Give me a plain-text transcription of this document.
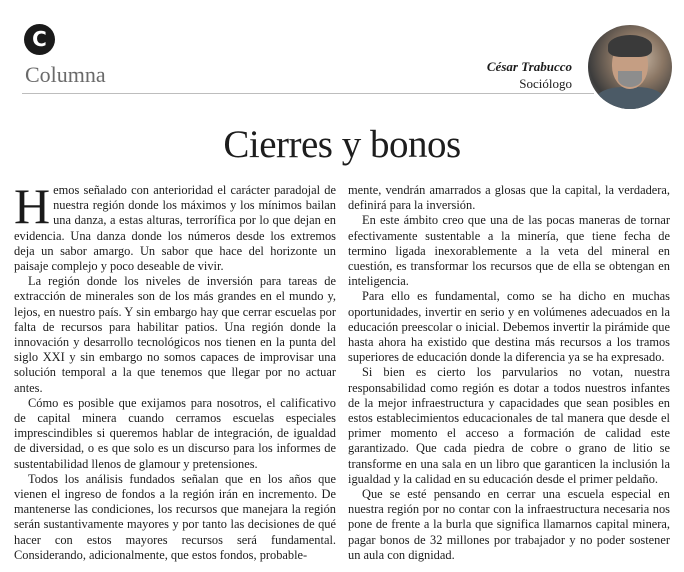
C
Columna	César Trabucco
Sociólogo
Cierres y bonos

Hemos señalado con anterioridad el carácter paradojal de nuestra región donde los máximos y los mínimos bailan una danza, a estas alturas, terrorífica por lo que dejan en evidencia. Una danza donde los números desde los extremos deja un sabor amargo. Un sabor que hace del horizonte un paisaje complejo y poco deseable de vivir.

La región donde los niveles de inversión para tareas de extracción de minerales son de los más grandes en el mundo y, lejos, en nuestro país. Y sin embargo hay que cerrar escuelas por falta de recursos para habilitar patios. Una región donde la innovación y desarrollo tecnológicos nos tienen en la punta del siglo XXI y sin embargo no somos capaces de improvisar una solución temporal a la que tenemos que llegar por no actuar antes.

Cómo es posible que exijamos para nosotros, el calificativo de capital minera cuando cerramos escuelas especiales imprescindibles si queremos hablar de integración, de igualdad de diversidad, o es que solo es un discurso para los informes de sustentabilidad llenos de glamour y pretensiones.

Todos los análisis fundados señalan que en los años que vienen el ingreso de fondos a la región irán en incremento. De mantenerse las condiciones, los recursos que manejara la región serán sustantivamente mayores y por tanto las decisiones de qué hacer con estos mayores recursos será fundamental. Considerando, adicionalmente, que estos fondos, probable-

mente, vendrán amarrados a glosas que la capital, la verdadera, definirá para la inversión.

En este ámbito creo que una de las pocas maneras de tornar efectivamente sustentable a la minería, que tiene fecha de termino ligada inexorablemente a la veta del mineral en cuestión, es transformar los recursos que de ella se obtengan en inteligencia.

Para ello es fundamental, como se ha dicho en muchas oportunidades, invertir en serio y en volúmenes adecuados en la educación preescolar o inicial. Debemos invertir la pirámide que hasta ahora ha existido que destina más recursos a los tramos superiores de educación donde la diferencia ya se ha expresado.

Si bien es cierto los parvularios no votan, nuestra responsabilidad como región es dotar a todos nuestros infantes de la mejor infraestructura y capacidades que sean posibles en estos establecimientos educacionales de tal manera que desde el primer momento el acceso a formación de calidad este garantizado. Que cada piedra de cobre o grano de litio se transforme en una sala en un libro que garanticen la inclusión la igualdad y la calidad en su educación desde el primer peldaño.

Que se esté pensando en cerrar una escuela especial en nuestra región por no contar con la infraestructura necesaria nos pone de frente a la burla que significa llamarnos capital minera, pagar bonos de 32 millones por trabajador y no poder sostener un aula con dignidad.
